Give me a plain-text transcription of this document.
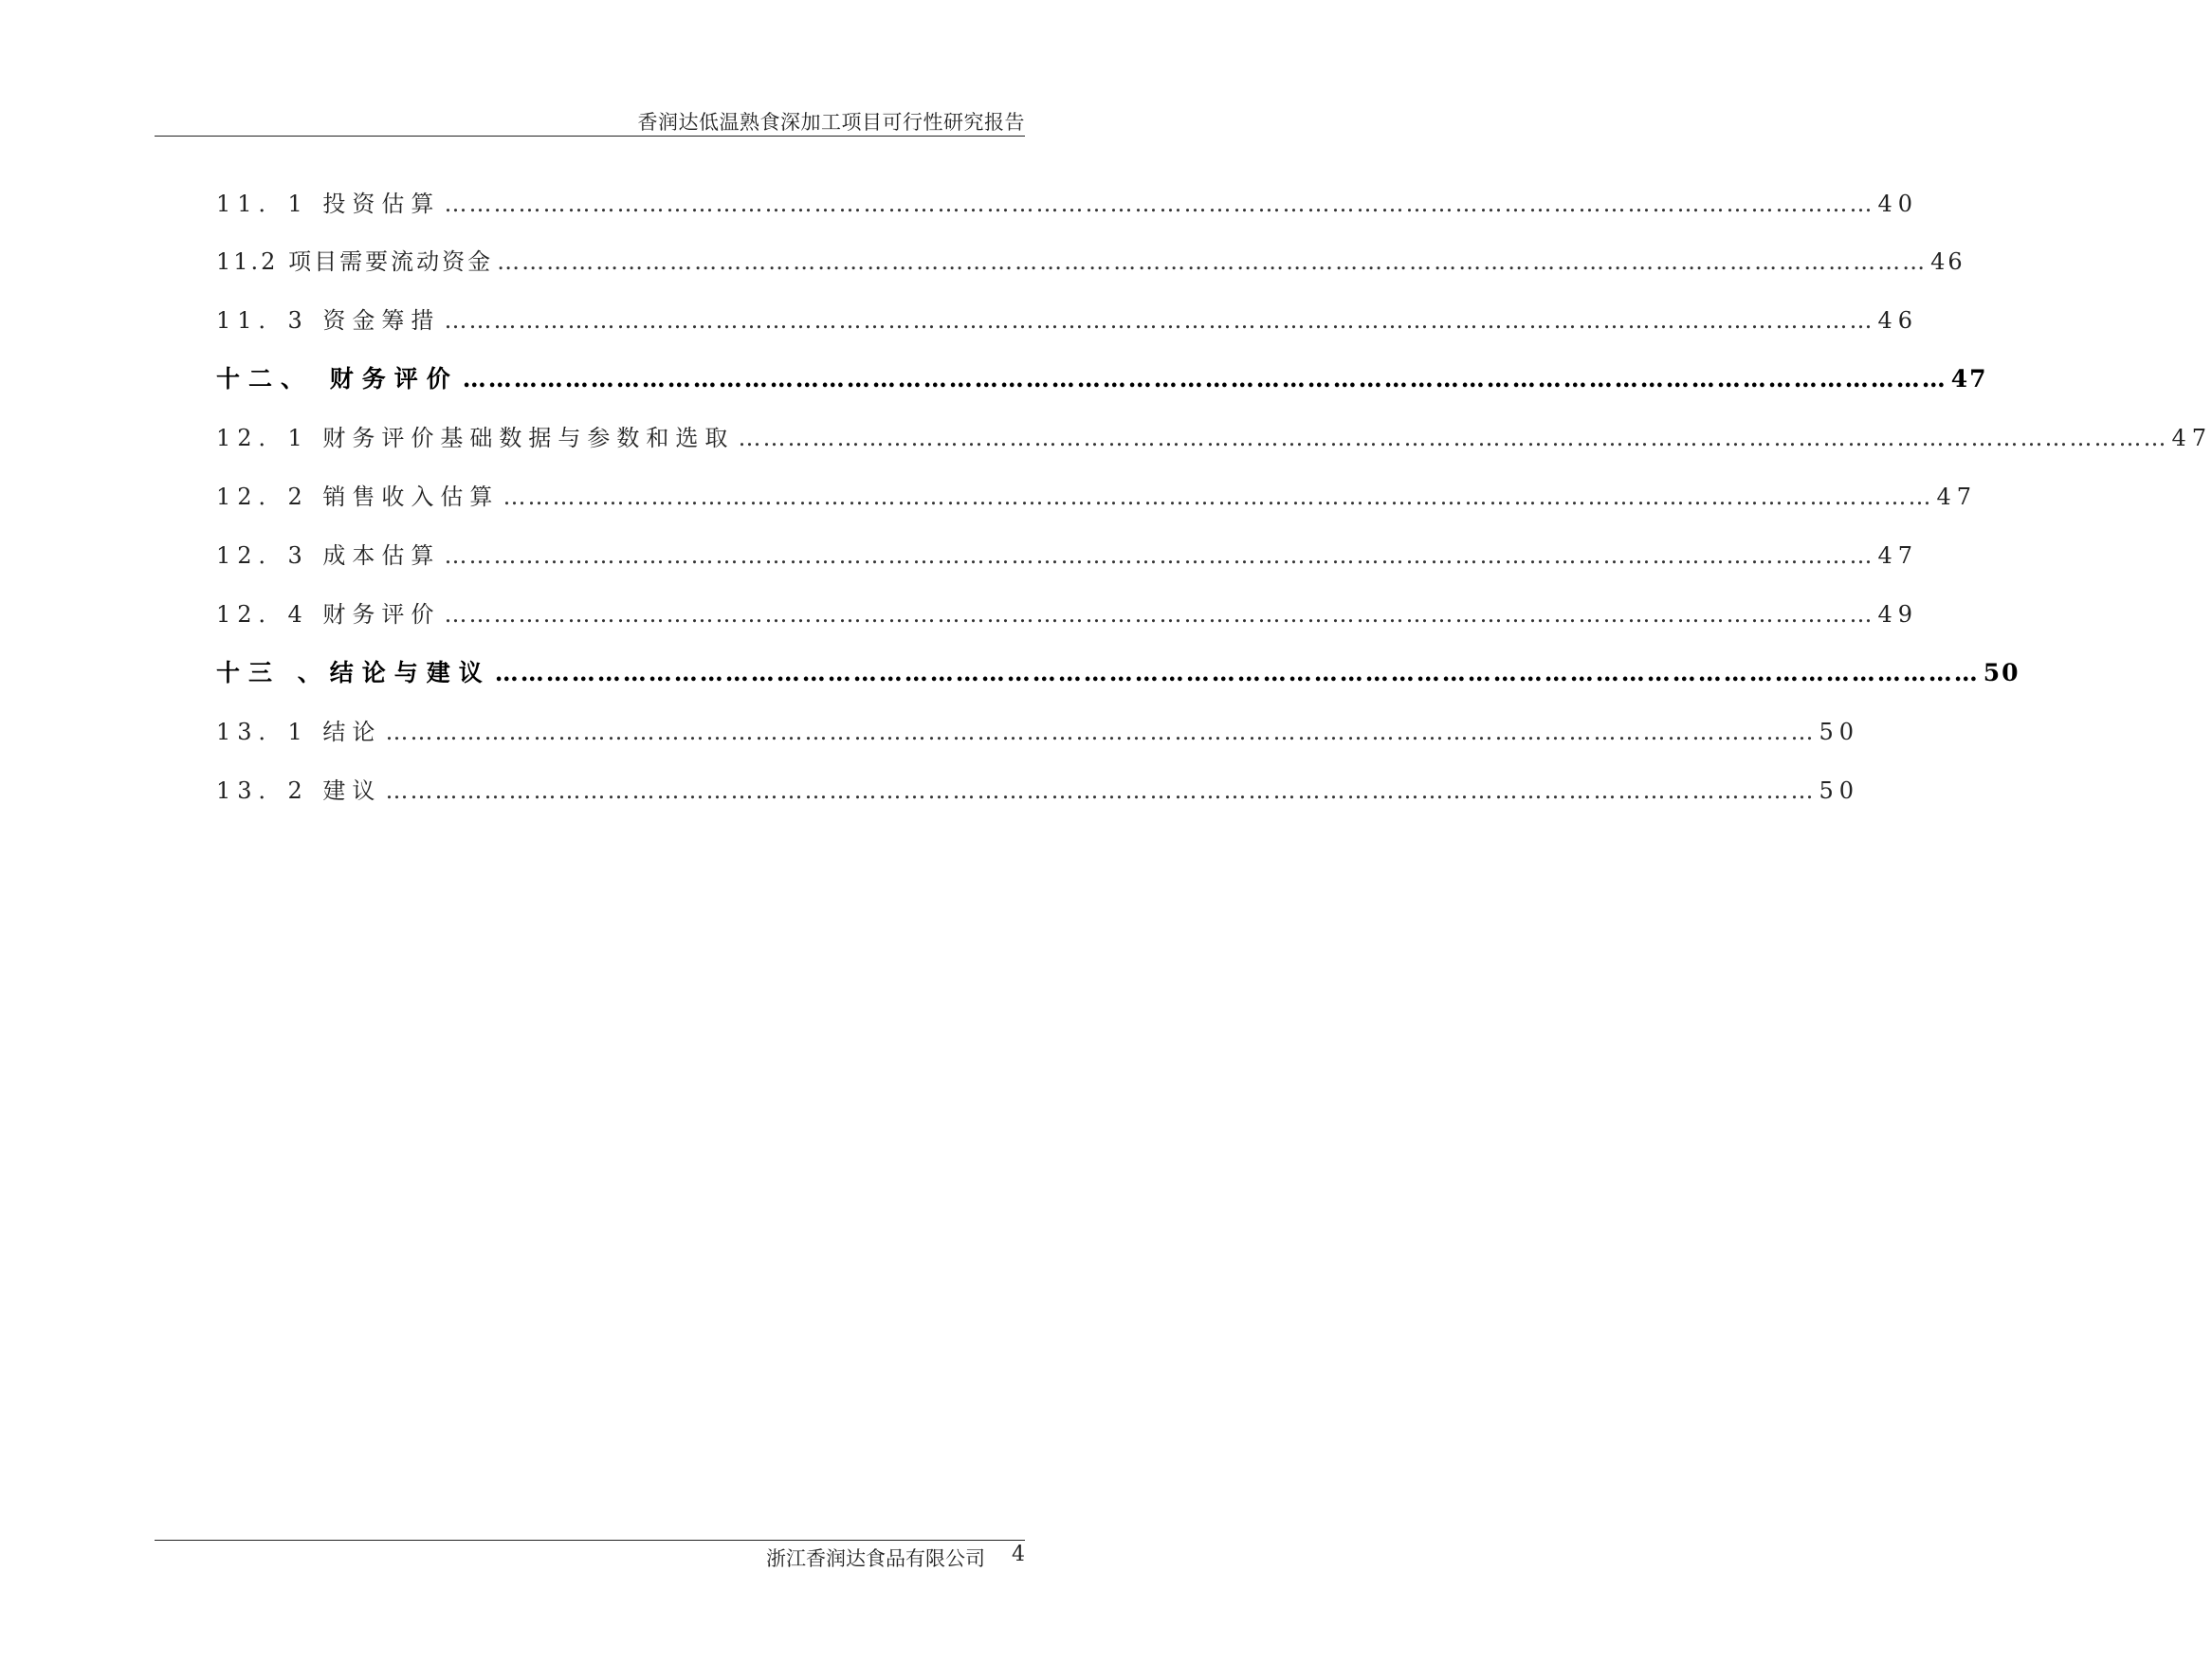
香润达低温熟食深加工项目可行性研究报告
11．1 投资估算 ………………………………………………………………………………………………………………………………………………………… 40
11.2 项目需要流动资金 ………………………………………………………………………………………………………………………………………………………… 46
11．3 资金筹措 ………………………………………………………………………………………………………………………………………………………… 46
十二、 财务评价 ………………………………………………………………………………………………………………………………………………………… 47
12．1 财务评价基础数据与参数和选取 ………………………………………………………………………………………………………………………………………………………… 47
12．2 销售收入估算 ………………………………………………………………………………………………………………………………………………………… 47
12．3 成本估算 ………………………………………………………………………………………………………………………………………………………… 47
12．4 财务评价 ………………………………………………………………………………………………………………………………………………………… 49
十三 、结论与建议 ………………………………………………………………………………………………………………………………………………………… 50
13．1 结论 ………………………………………………………………………………………………………………………………………………………… 50
13．2 建议 ………………………………………………………………………………………………………………………………………………………… 50
浙江香润达食品有限公司 4
